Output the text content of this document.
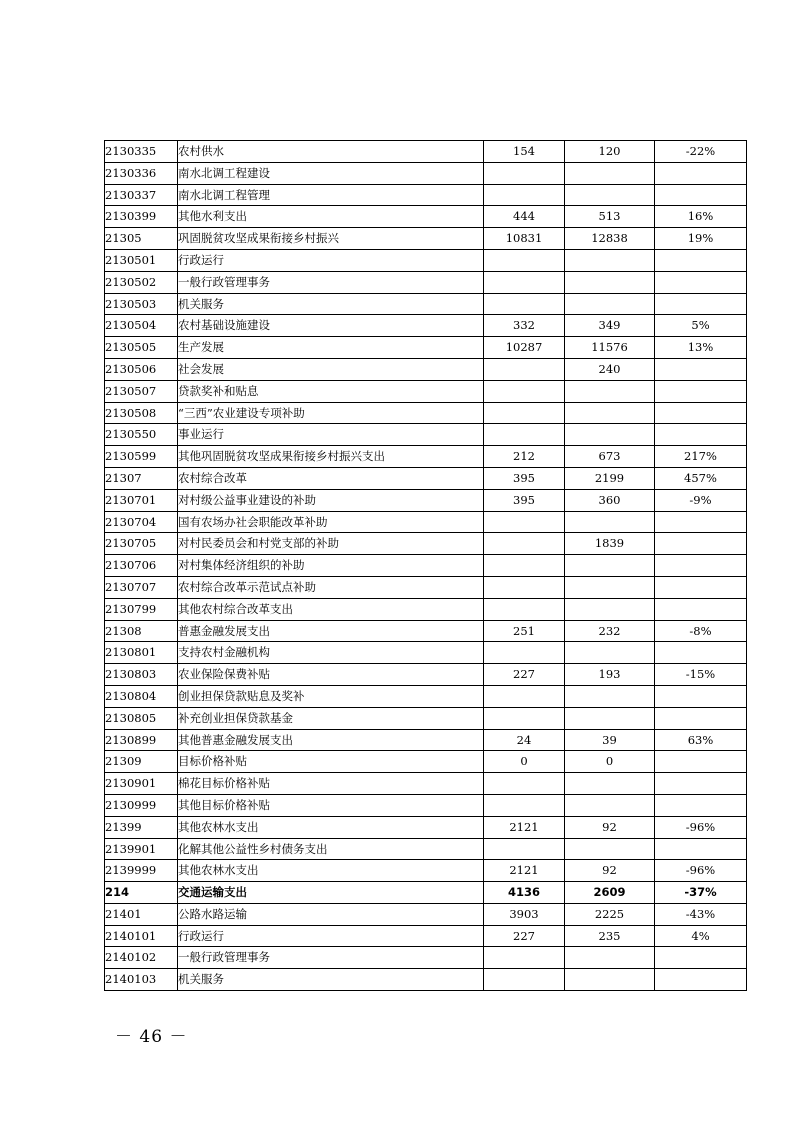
2130335	农村供水	154	120	-22%
2130336	南水北调工程建设			
2130337	南水北调工程管理			
2130399	其他水利支出	444	513	16%
21305	巩固脱贫攻坚成果衔接乡村振兴	10831	12838	19%
2130501	行政运行			
2130502	一般行政管理事务			
2130503	机关服务			
2130504	农村基础设施建设	332	349	5%
2130505	生产发展	10287	11576	13%
2130506	社会发展		240	
2130507	贷款奖补和贴息			
2130508	“三西”农业建设专项补助			
2130550	事业运行			
2130599	其他巩固脱贫攻坚成果衔接乡村振兴支出	212	673	217%
21307	农村综合改革	395	2199	457%
2130701	对村级公益事业建设的补助	395	360	-9%
2130704	国有农场办社会职能改革补助			
2130705	对村民委员会和村党支部的补助		1839	
2130706	对村集体经济组织的补助			
2130707	农村综合改革示范试点补助			
2130799	其他农村综合改革支出			
21308	普惠金融发展支出	251	232	-8%
2130801	支持农村金融机构			
2130803	农业保险保费补贴	227	193	-15%
2130804	创业担保贷款贴息及奖补			
2130805	补充创业担保贷款基金			
2130899	其他普惠金融发展支出	24	39	63%
21309	目标价格补贴	0	0	
2130901	棉花目标价格补贴			
2130999	其他目标价格补贴			
21399	其他农林水支出	2121	92	-96%
2139901	化解其他公益性乡村债务支出			
2139999	其他农林水支出	2121	92	-96%
214	交通运输支出	4136	2609	-37%
21401	公路水路运输	3903	2225	-43%
2140101	行政运行	227	235	4%
2140102	一般行政管理事务			
2140103	机关服务			
－ 46 －
